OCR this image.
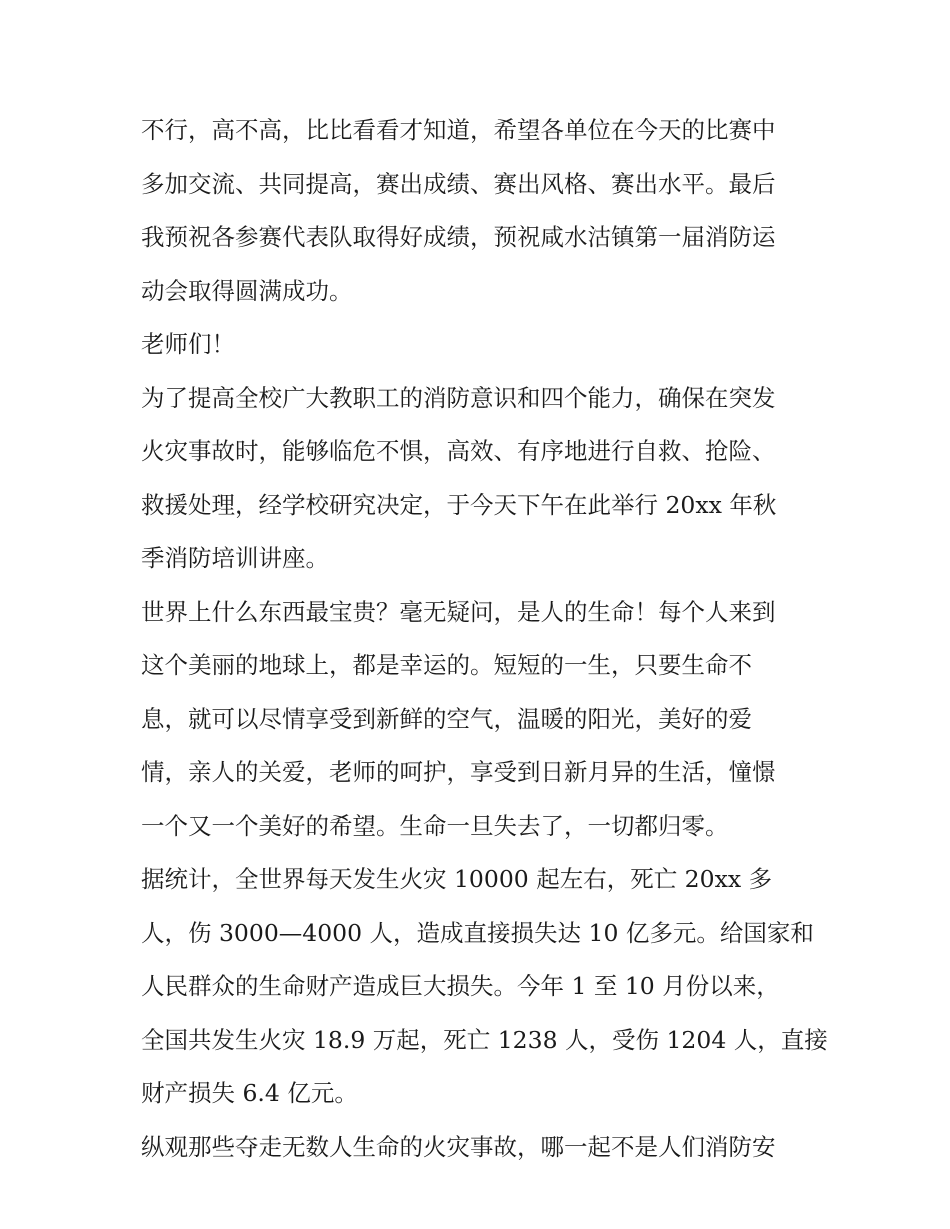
不行，高不高，比比看看才知道，希望各单位在今天的比赛中
多加交流、共同提高，赛出成绩、赛出风格、赛出水平。最后
我预祝各参赛代表队取得好成绩，预祝咸水沽镇第一届消防运
动会取得圆满成功。
老师们！
为了提高全校广大教职工的消防意识和四个能力，确保在突发
火灾事故时，能够临危不惧，高效、有序地进行自救、抢险、
救援处理，经学校研究决定，于今天下午在此举行 20xx 年秋
季消防培训讲座。
世界上什么东西最宝贵？毫无疑问，是人的生命！每个人来到
这个美丽的地球上，都是幸运的。短短的一生，只要生命不
息，就可以尽情享受到新鲜的空气，温暖的阳光，美好的爱
情，亲人的关爱，老师的呵护，享受到日新月异的生活，憧憬
一个又一个美好的希望。生命一旦失去了，一切都归零。
据统计，全世界每天发生火灾 10000 起左右，死亡 20xx 多
人，伤 3000—4000 人，造成直接损失达 10 亿多元。给国家和
人民群众的生命财产造成巨大损失。今年 1 至 10 月份以来，
全国共发生火灾 18.9 万起，死亡 1238 人，受伤 1204 人，直接
财产损失 6.4 亿元。
纵观那些夺走无数人生命的火灾事故，哪一起不是人们消防安
